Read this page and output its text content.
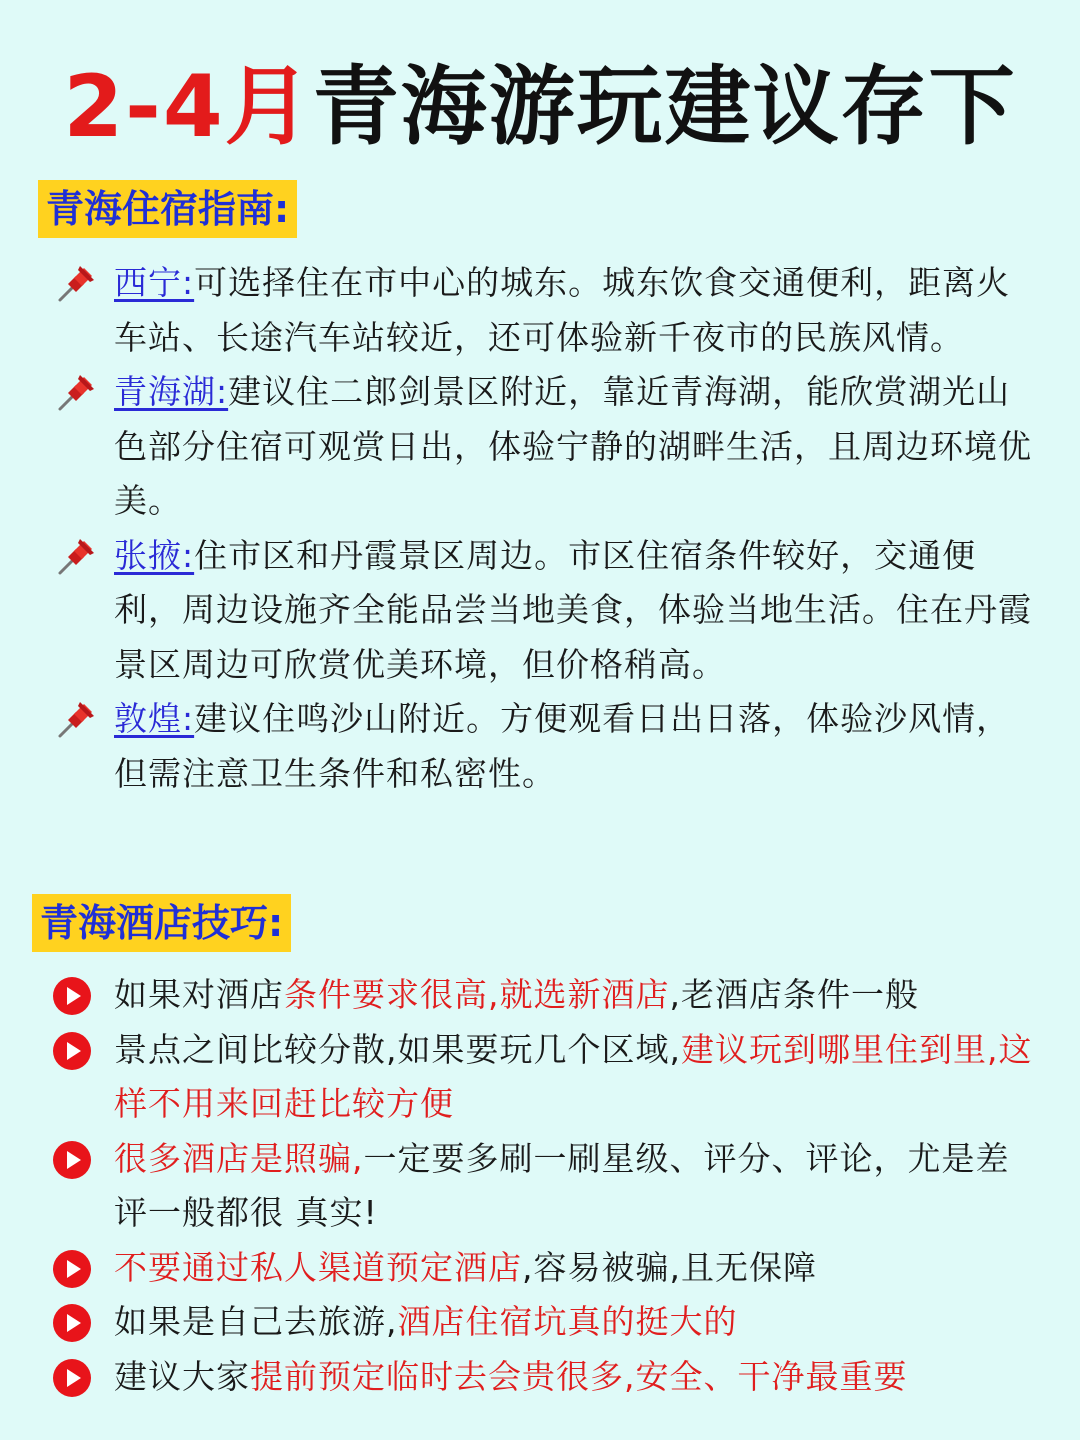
2-4月青海游玩建议存下
青海住宿指南:
西宁:可选择住在市中心的城东。城东饮食交通便利，距离火车站、长途汽车站较近，还可体验新千夜市的民族风情。
青海湖:建议住二郎剑景区附近，靠近青海湖，能欣赏湖光山色部分住宿可观赏日出，体验宁静的湖畔生活，且周边环境优美。
张掖:住市区和丹霞景区周边。市区住宿条件较好，交通便利，周边设施齐全能品尝当地美食，体验当地生活。住在丹霞景区周边可欣赏优美环境，但价格稍高。
敦煌:建议住鸣沙山附近。方便观看日出日落，体验沙风情，但需注意卫生条件和私密性。
青海酒店技巧:
如果对酒店条件要求很高,就选新酒店,老酒店条件一般
景点之间比较分散,如果要玩几个区域,建议玩到哪里住到里,这样不用来回赶比较方便
很多酒店是照骗,一定要多刷一刷星级、评分、评论，尤是差评一般都很 真实!
不要通过私人渠道预定酒店,容易被骗,且无保障
如果是自己去旅游,酒店住宿坑真的挺大的
建议大家提前预定临时去会贵很多,安全、干净最重要
